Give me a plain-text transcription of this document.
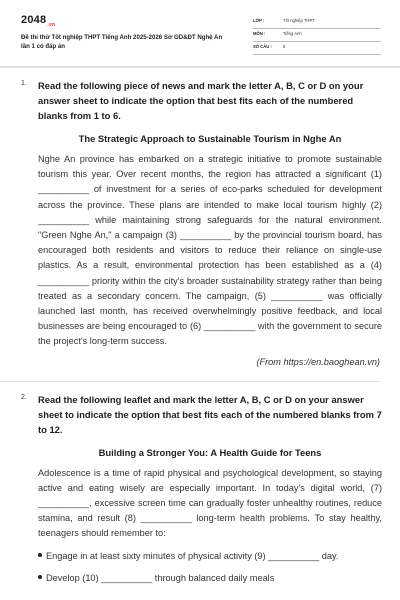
$2048_{.vn}$
Đề thi thử Tốt nghiệp THPT Tiếng Anh 2025-2026 Sở GD&ĐT Nghệ An lần 1 có đáp án
LỚP :	Tốt nghiệp THPT
MÔN :	Tiếng Anh
SỐ CÂU :	6
1. Read the following piece of news and mark the letter A, B, C or D on your answer sheet to indicate the option that best fits each of the numbered blanks from 1 to 6.

The Strategic Approach to Sustainable Tourism in Nghe An

Nghe An province has embarked on a strategic initiative to promote sustainable tourism this year. Over recent months, the region has attracted a significant (1) __________ of investment for a series of eco-parks scheduled for development across the province. These plans are intended to make local tourism highly (2) __________ while maintaining strong safeguards for the natural environment. "Green Nghe An," a campaign (3) __________ by the provincial tourism board, has encouraged both residents and visitors to reduce their reliance on single-use plastics. As a result, environmental protection has been established as a (4) __________ priority within the city's broader sustainability strategy rather than being treated as a secondary concern. The campaign, (5) __________ was officially launched last month, has received overwhelmingly positive feedback, and local businesses are being encouraged to (6) __________ with the government to secure the project's long-term success.

(From https://en.baoghean.vn)

2. Read the following leaflet and mark the letter A, B, C or D on your answer sheet to indicate the option that best fits each of the numbered blanks from 7 to 12.

Building a Stronger You: A Health Guide for Teens

Adolescence is a time of rapid physical and psychological development, so staying active and eating wisely are especially important. In today's digital world, (7) __________, excessive screen time can gradually foster unhealthy routines, reduce stamina, and result (8) __________ long-term health problems. To stay healthy, teenagers should remember to:

Engage in at least sixty minutes of physical activity (9) __________ day.

Develop (10) __________ through balanced daily meals
